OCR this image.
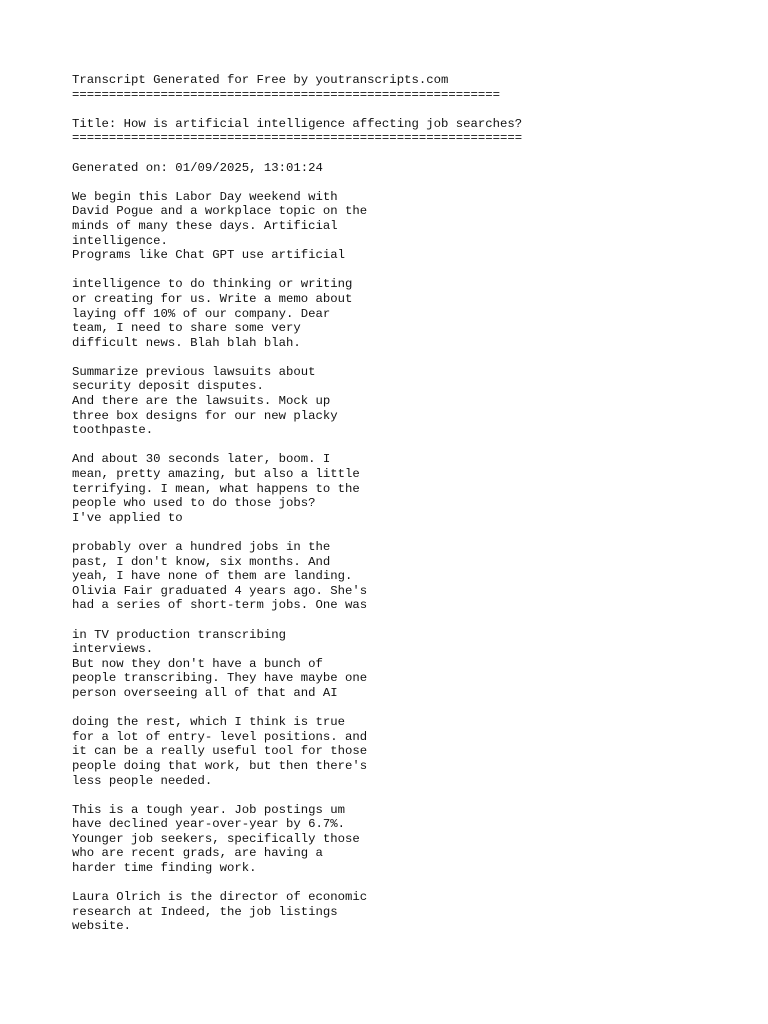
Transcript Generated for Free by youtranscripts.com
==========================================================
Title: How is artificial intelligence affecting job searches?
=============================================================
Generated on: 01/09/2025, 13:01:24
We begin this Labor Day weekend with
David Pogue and a workplace topic on the
minds of many these days. Artificial
intelligence.
Programs like Chat GPT use artificial
intelligence to do thinking or writing
or creating for us. Write a memo about
laying off 10% of our company. Dear
team, I need to share some very
difficult news. Blah blah blah.
Summarize previous lawsuits about
security deposit disputes.
And there are the lawsuits. Mock up
three box designs for our new placky
toothpaste.
And about 30 seconds later, boom. I
mean, pretty amazing, but also a little
terrifying. I mean, what happens to the
people who used to do those jobs?
I've applied to
probably over a hundred jobs in the
past, I don't know, six months. And
yeah, I have none of them are landing.
Olivia Fair graduated 4 years ago. She's
had a series of short-term jobs. One was
in TV production transcribing
interviews.
But now they don't have a bunch of
people transcribing. They have maybe one
person overseeing all of that and AI
doing the rest, which I think is true
for a lot of entry- level positions. and
it can be a really useful tool for those
people doing that work, but then there's
less people needed.
This is a tough year. Job postings um
have declined year-over-year by 6.7%.
Younger job seekers, specifically those
who are recent grads, are having a
harder time finding work.
Laura Olrich is the director of economic
research at Indeed, the job listings
website.
